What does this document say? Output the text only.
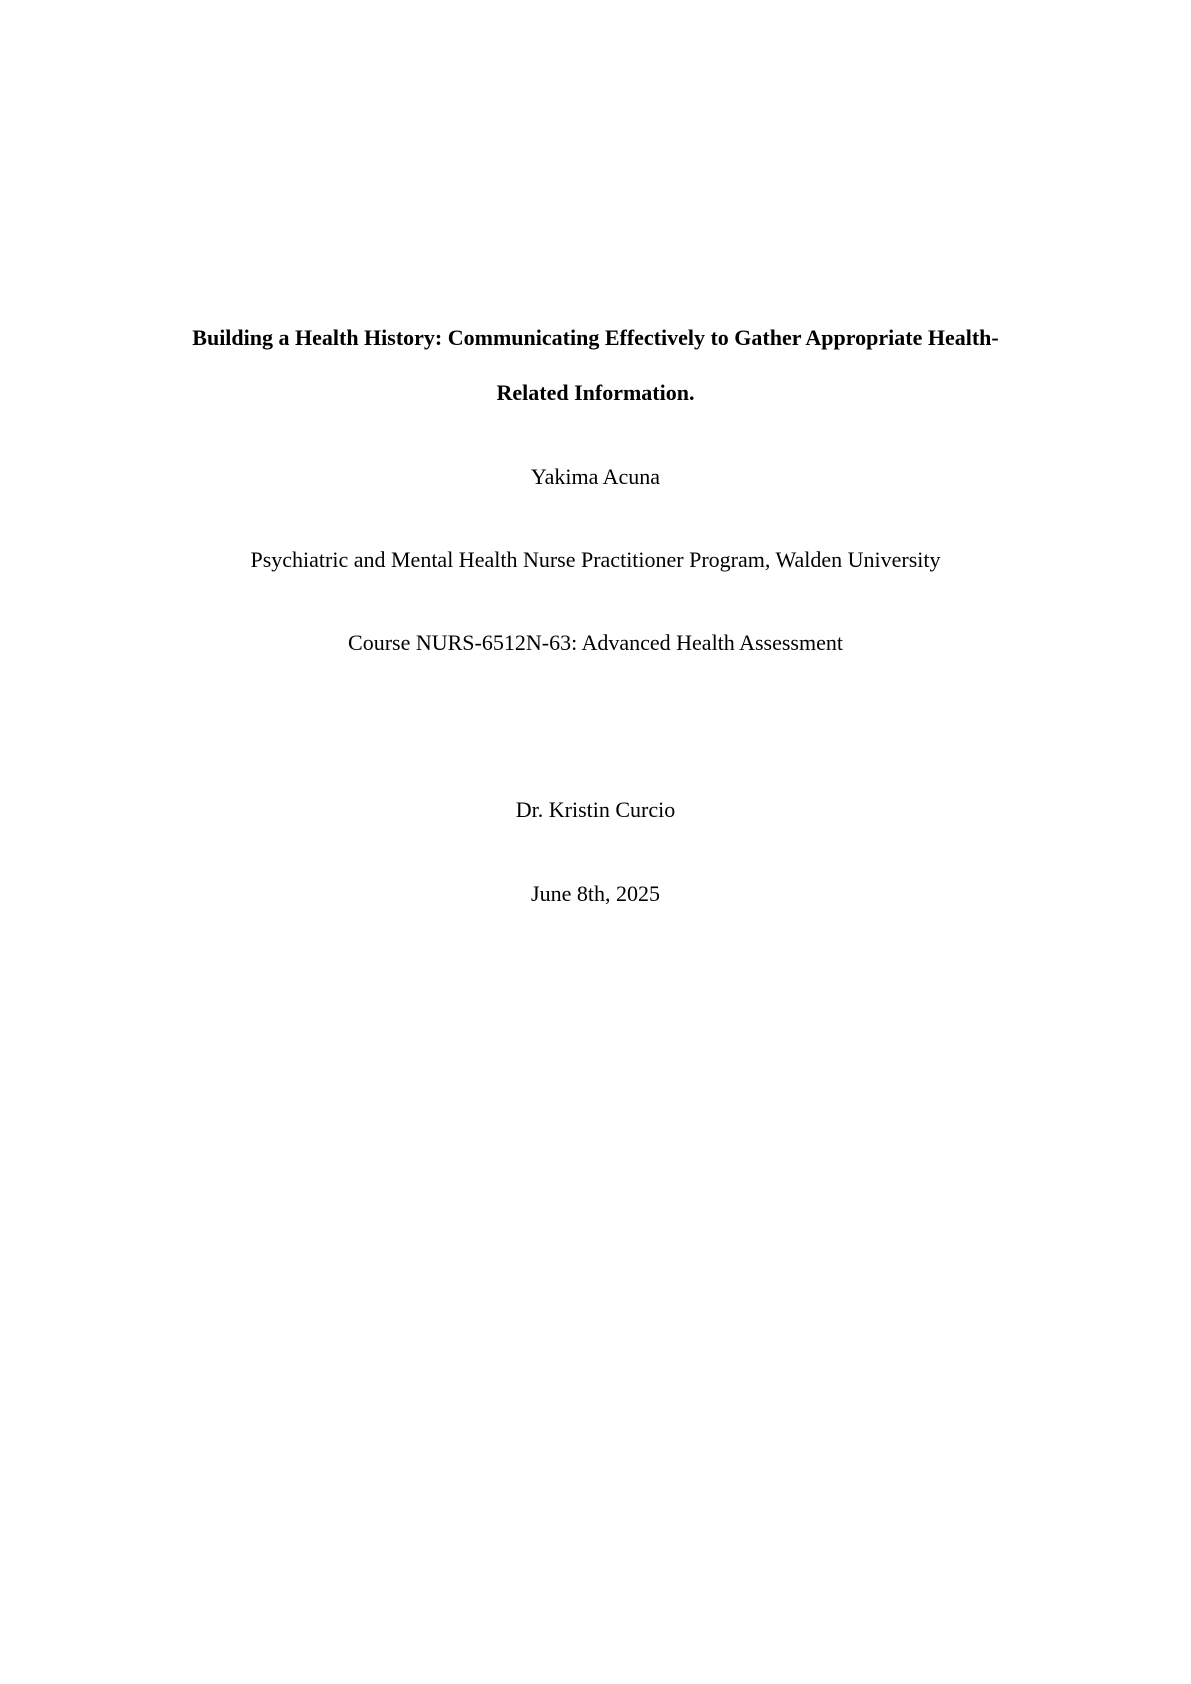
Building a Health History: Communicating Effectively to Gather Appropriate Health-
Related Information.
Yakima Acuna
Psychiatric and Mental Health Nurse Practitioner Program, Walden University
Course NURS-6512N-63: Advanced Health Assessment
Dr. Kristin Curcio
June 8th, 2025
